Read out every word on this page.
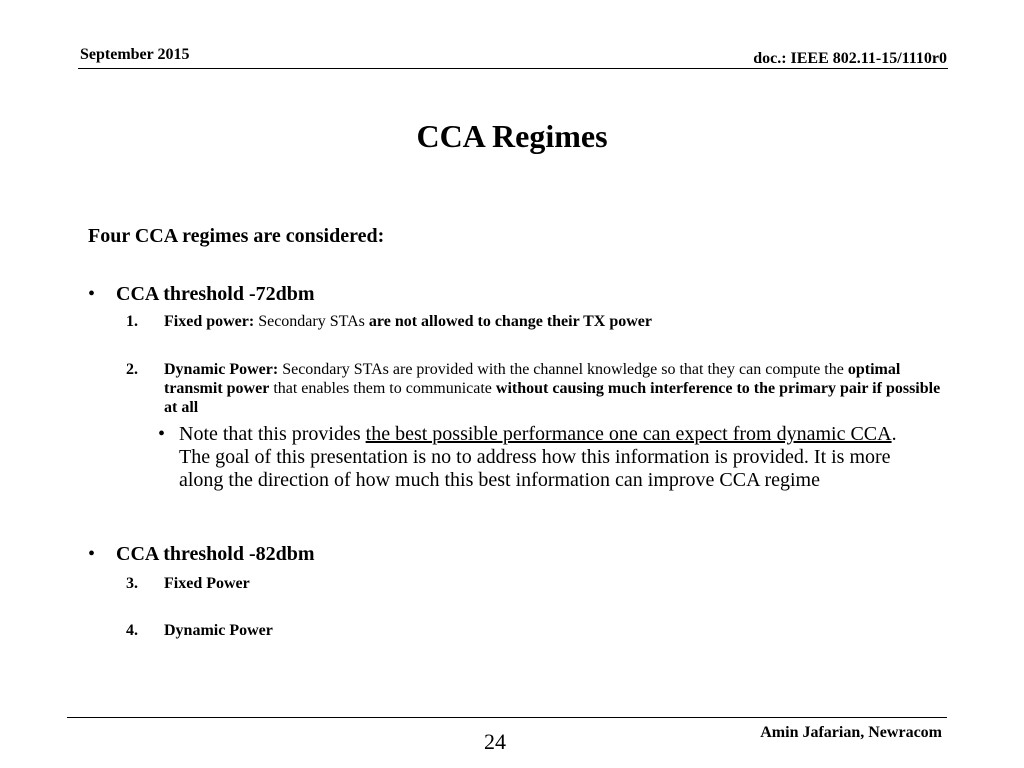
September 2015	doc.: IEEE 802.11-15/1110r0
CCA Regimes
Four CCA regimes are considered:
• CCA threshold -72dbm
1. Fixed power: Secondary STAs are not allowed to change their TX power
2. Dynamic Power: Secondary STAs are provided with the channel knowledge so that they can compute the optimal transmit power that enables them to communicate without causing much interference to the primary pair if possible at all
• Note that this provides the best possible performance one can expect from dynamic CCA. The goal of this presentation is no to address how this information is provided. It is more along the direction of how much this best information can improve CCA regime
• CCA threshold -82dbm
3. Fixed Power
4. Dynamic Power
24	Amin Jafarian, Newracom
